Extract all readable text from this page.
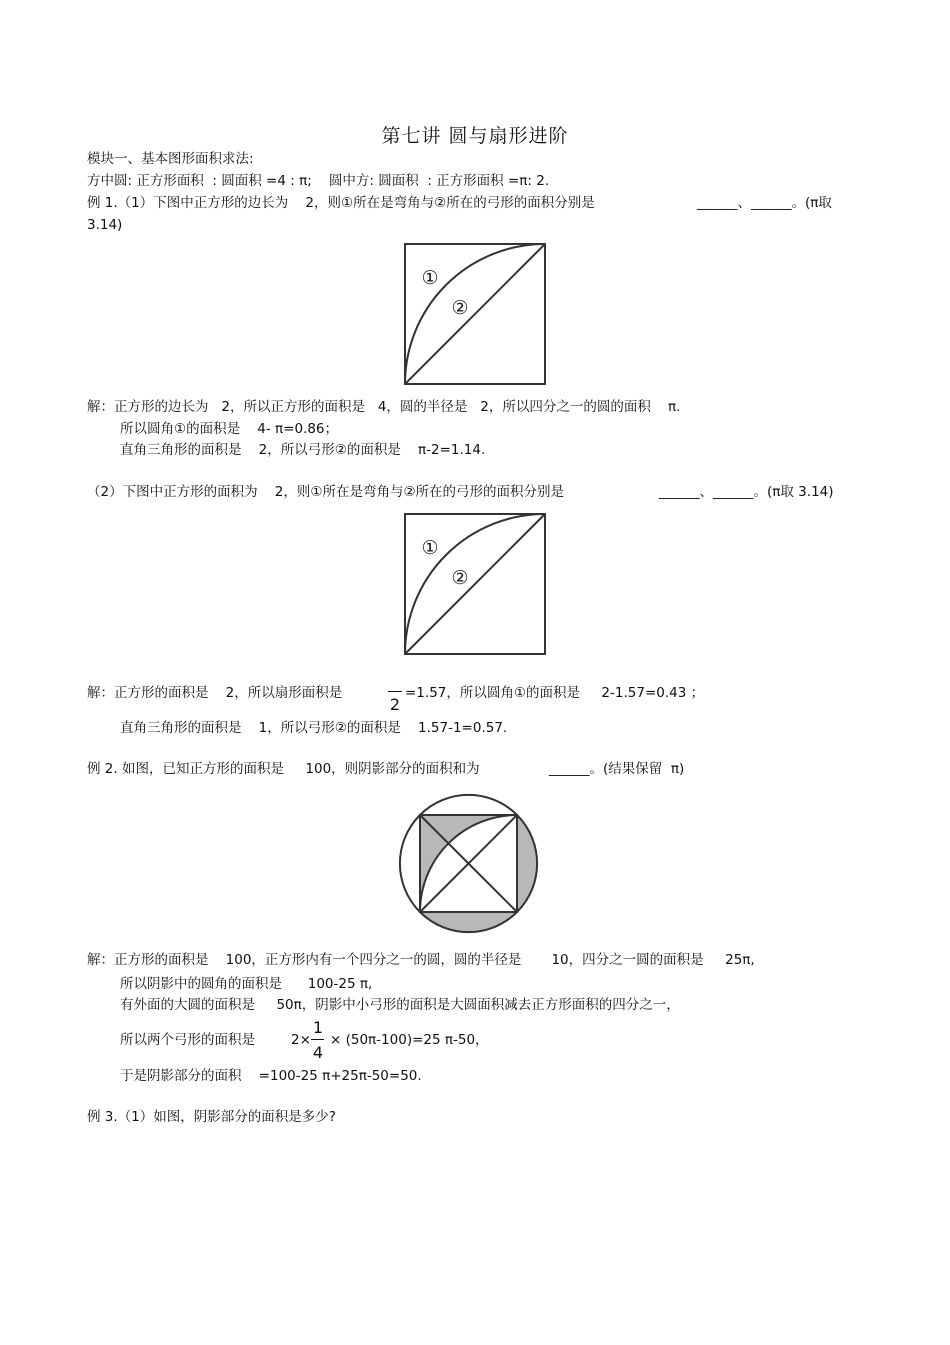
第七讲 圆与扇形进阶
模块一、基本图形面积求法:
方中圆: 正方形面积  : 圆面积 =4 : π;    圆中方: 圆面积  : 正方形面积 =π: 2.
例 1.（1）下图中正方形的边长为    2，则①所在是弯角与②所在的弓形的面积分别是	______、______。(π取
3.14)
①
②
解：正方形的边长为   2，所以正方形的面积是   4，圆的半径是   2，所以四分之一的圆的面积    π.
所以圆角①的面积是    4- π=0.86；
直角三角形的面积是    2，所以弓形②的面积是    π-2=1.14.
（2）下图中正方形的面积为    2，则①所在是弯角与②所在的弓形的面积分别是	______、______。(π取 3.14)
①
②
解：正方形的面积是    2，所以扇形面积是
2
=1.57，所以圆角①的面积是     2-1.57=0.43 ；
直角三角形的面积是    1，所以弓形②的面积是    1.57-1=0.57.
例 2. 如图，已知正方形的面积是     100，则阴影部分的面积和为	______。(结果保留  π)
解：正方形的面积是    100，正方形内有一个四分之一的圆，圆的半径是       10，四分之一圆的面积是     25π,
所以阴影中的圆角的面积是      100-25 π,
有外面的大圆的面积是     50π，阴影中小弓形的面积是大圆面积减去正方形面积的四分之一，
所以两个弓形的面积是	2×
1
4
× (50π-100)=25 π-50，
于是阴影部分的面积    =100-25 π+25π-50=50.
例 3.（1）如图，阴影部分的面积是多少?
